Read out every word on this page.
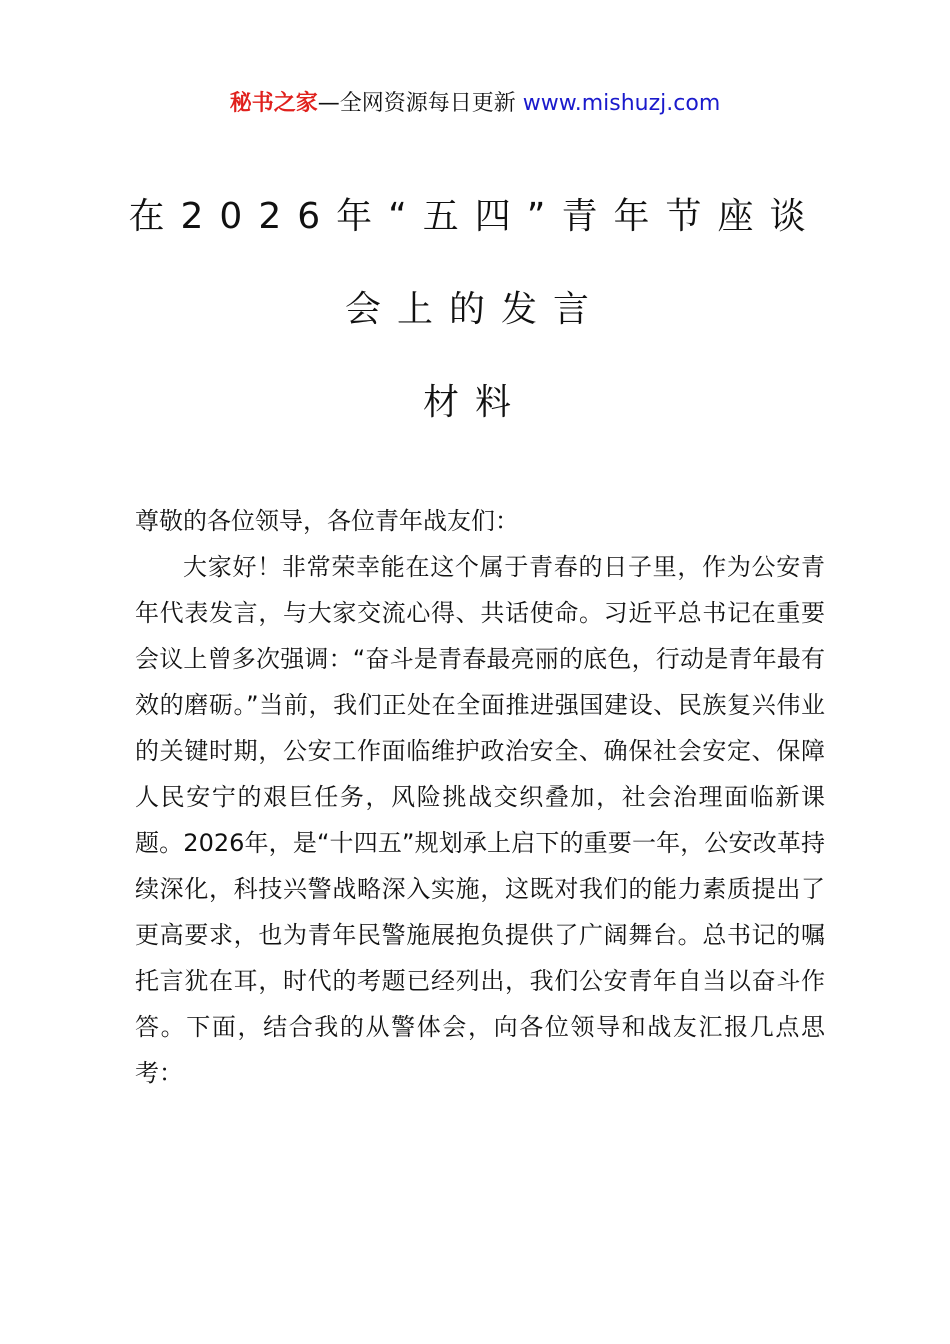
秘书之家—全网资源每日更新 www.mishuzj.com
在2026年“五四”青年节座谈
会上的发言
材料

尊敬的各位领导，各位青年战友们：

大家好！非常荣幸能在这个属于青春的日子里，作为公安青年代表发言，与大家交流心得、共话使命。习近平总书记在重要会议上曾多次强调：“奋斗是青春最亮丽的底色，行动是青年最有效的磨砺。”当前，我们正处在全面推进强国建设、民族复兴伟业的关键时期，公安工作面临维护政治安全、确保社会安定、保障人民安宁的艰巨任务，风险挑战交织叠加，社会治理面临新课题。2026年，是“十四五”规划承上启下的重要一年，公安改革持续深化，科技兴警战略深入实施，这既对我们的能力素质提出了更高要求，也为青年民警施展抱负提供了广阔舞台。总书记的嘱托言犹在耳，时代的考题已经列出，我们公安青年自当以奋斗作答。下面，结合我的从警体会，向各位领导和战友汇报几点思考：
